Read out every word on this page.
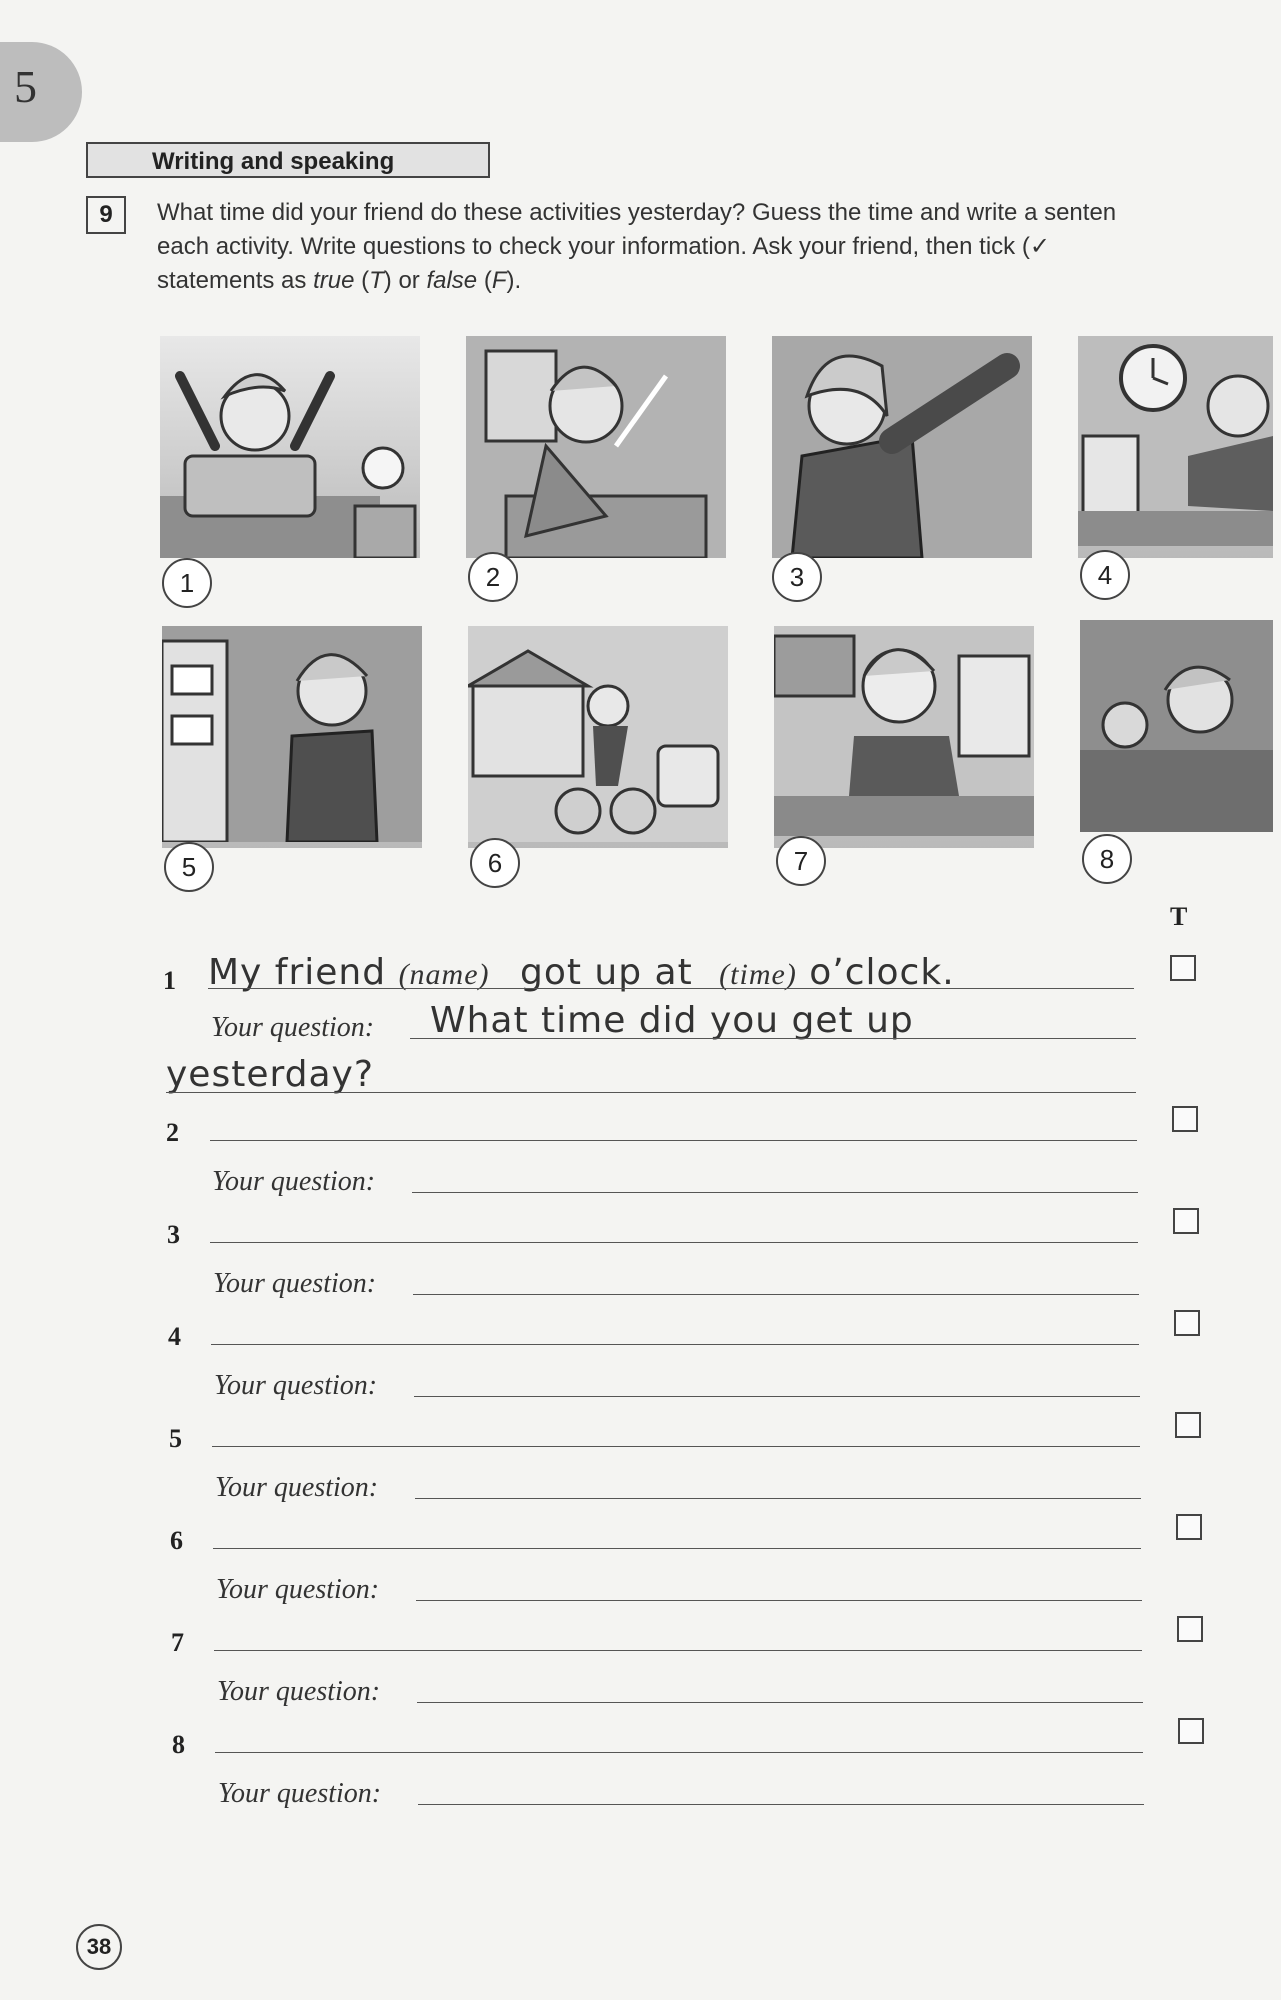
5
Writing and speaking
9	What time did your friend do these activities yesterday? Guess the time and write a senten

each activity. Write questions to check your information. Ask your friend, then tick (✓

statements as true (T) or false (F).

1	2	3	4
5	6	7	8
T
1 My friend (name) got up at (time) o’clock.
Your question: What time did you get up
yesterday?
2
Your question:
3
Your question:
4
Your question:
5
Your question:
6
Your question:
7
Your question:
8
Your question:
38
